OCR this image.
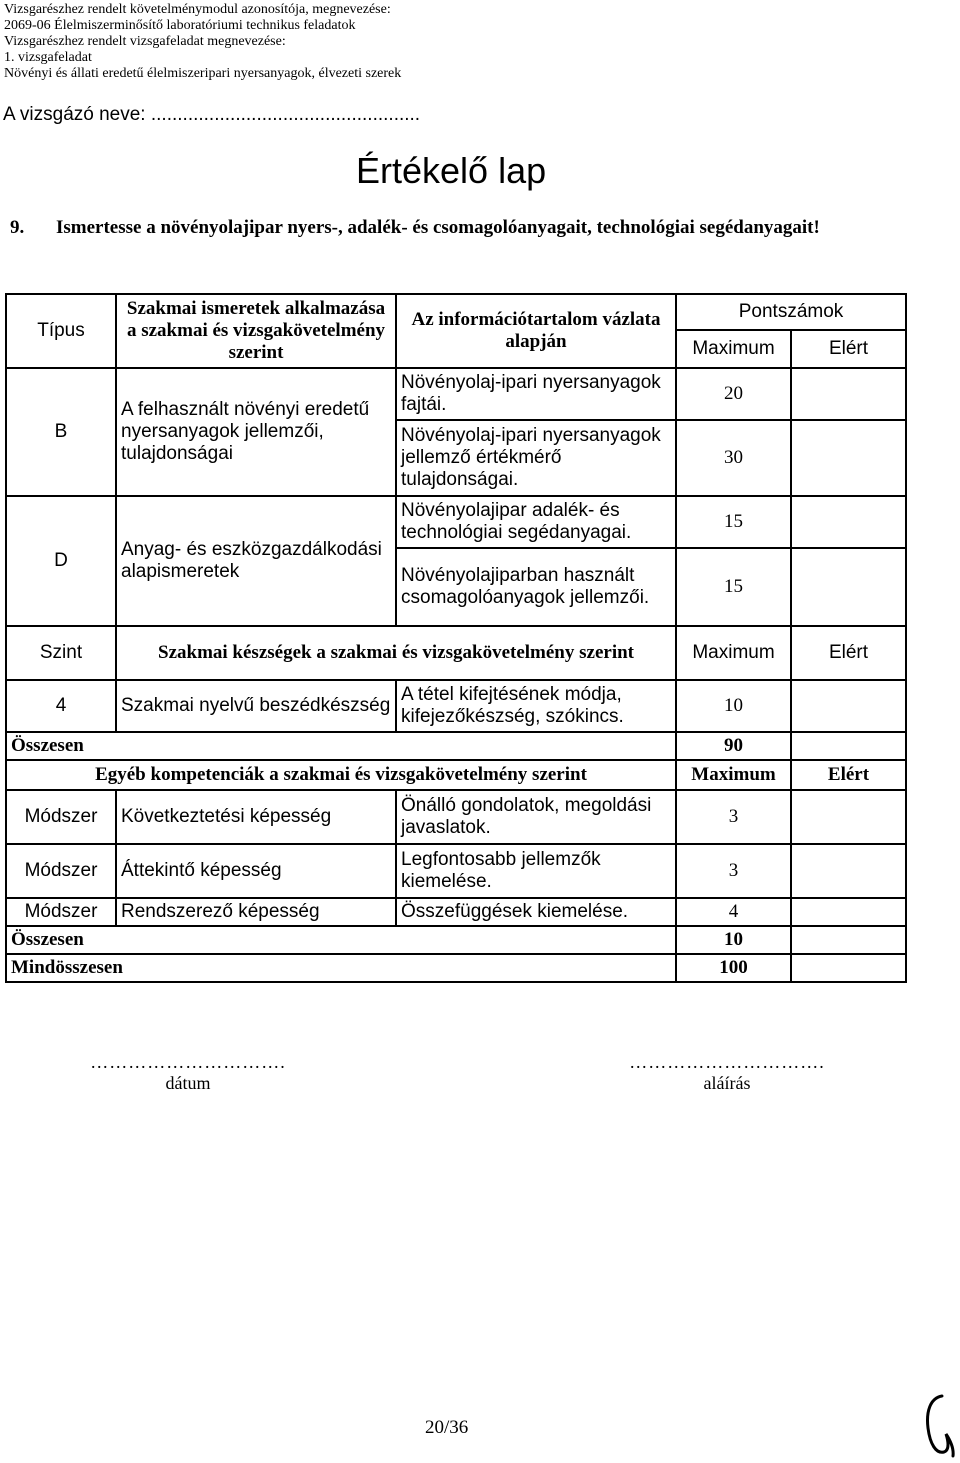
Vizsgarészhez rendelt követelménymodul azonosítója, megnevezése:
2069-06 Élelmiszerminősítő laboratóriumi technikus feladatok
Vizsgarészhez rendelt vizsgafeladat megnevezése:
1. vizsgafeladat
Növényi és állati eredetű élelmiszeripari nyersanyagok, élvezeti szerek
A vizsgázó neve: ...................................................
Értékelő lap
9. Ismertesse a növényolajipar nyers-, adalék- és csomagolóanyagait, technológiai segédanyagait!
Típus	Szakmai ismeretek alkalmazása a szakmai és vizsgakövetelmény szerint	Az információtartalom vázlata alapján	Pontszámok	
			Maximum	Elért
B	A felhasznált növényi eredetű nyersanyagok jellemzői, tulajdonságai	Növényolaj-ipari nyersanyagok fajtái.	20	
		Növényolaj-ipari nyersanyagok jellemző értékmérő tulajdonságai.	30	
D	Anyag- és eszközgazdálkodási alapismeretek	Növényolajipar adalék- és technológiai segédanyagai.	15	
		Növényolajiparban használt csomagolóanyagok jellemzői.	15	
Szint	Szakmai készségek a szakmai és vizsgakövetelmény szerint		Maximum	Elért
4	Szakmai nyelvű beszédkészség	A tétel kifejtésének módja, kifejezőkészség, szókincs.	10	
Összesen			90	
Egyéb kompetenciák a szakmai és vizsgakövetelmény szerint			Maximum	Elért
Módszer	Következtetési képesség	Önálló gondolatok, megoldási javaslatok.	3	
Módszer	Áttekintő képesség	Legfontosabb jellemzők kiemelése.	3	
Módszer	Rendszerező képesség	Összefüggések kiemelése.	4	
Összesen			10	
Mindösszesen			100	
………………………….
dátum
………………………….
aláírás
20/36
